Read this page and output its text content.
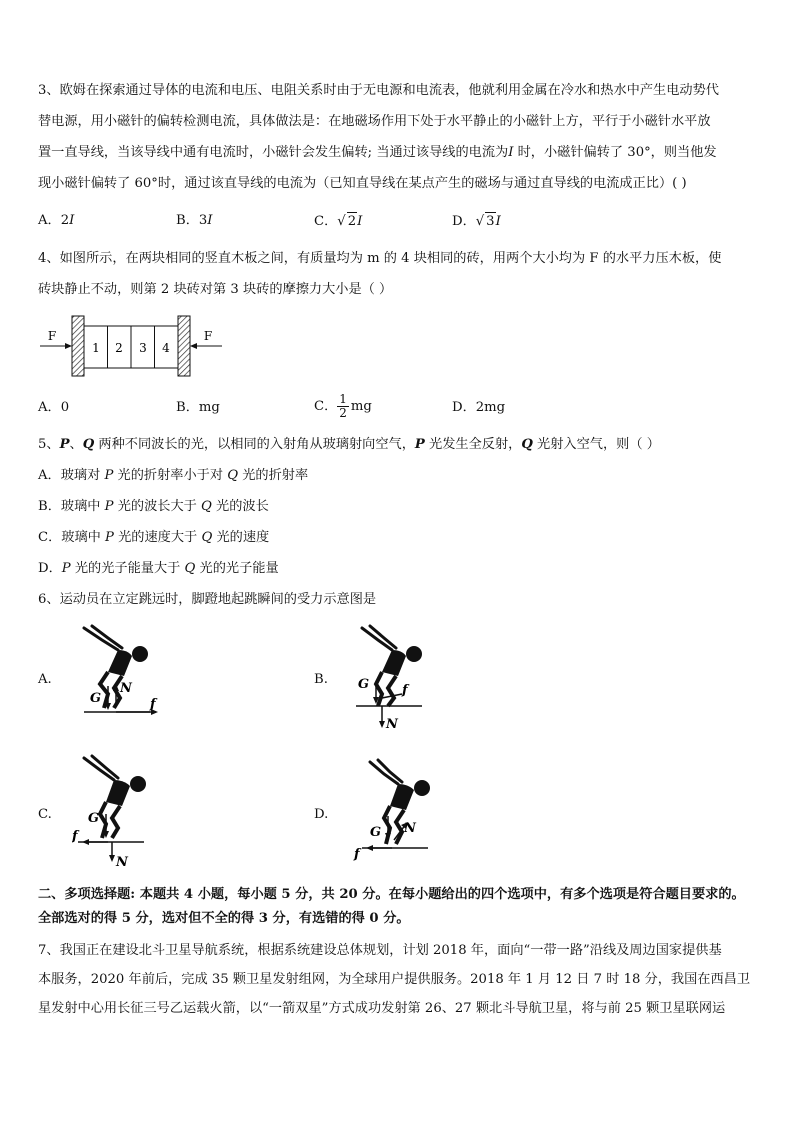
3、欧姆在探索通过导体的电流和电压、电阻关系时由于无电源和电流表，他就利用金属在冷水和热水中产生电动势代
替电源，用小磁针的偏转检测电流，具体做法是：在地磁场作用下处于水平静止的小磁针上方，平行于小磁针水平放
置一直导线，当该导线中通有电流时，小磁针会发生偏转; 当通过该导线的电流为I 时，小磁针偏转了 30°，则当他发
现小磁针偏转了 60°时，通过该直导线的电流为（已知直导线在某点产生的磁场与通过直导线的电流成正比）( )
A．2I	B．3I	C．√ 2I	D．√ 3I
4、如图所示，在两块相同的竖直木板之间，有质量均为 m 的 4 块相同的砖，用两个大小均为 F 的水平力压木板，使
砖块静止不动，则第 2 块砖对第 3 块砖的摩擦力大小是（ ）
1 2 3 4
F	F
A．0	B．mg	C． $\frac{1}{2}$ mg	D．2mg
5、P、Q 两种不同波长的光，以相同的入射角从玻璃射向空气，P 光发生全反射，Q 光射入空气，则（ ）
A．玻璃对 P 光的折射率小于对 Q 光的折射率
B．玻璃中 P 光的波长大于 Q 光的波长
C．玻璃中 P 光的速度大于 Q 光的速度
D．P 光的光子能量大于 Q 光的光子能量
6、运动员在立定跳远时，脚蹬地起跳瞬间的受力示意图是
A.	B.
C.	D.
G
N
f
G
N
f
G
f
N
G N
f
二、多项选择题: 本题共 4 小题，每小题 5 分，共 20 分。在每小题给出的四个选项中，有多个选项是符合题目要求的。
全部选对的得 5 分，选对但不全的得 3 分，有选错的得 0 分。
7、我国正在建设北斗卫星导航系统，根据系统建设总体规划，计划 2018 年，面向“一带一路”沿线及周边国家提供基
本服务，2020 年前后，完成 35 颗卫星发射组网，为全球用户提供服务。2018 年 1 月 12 日 7 时 18 分，我国在西昌卫
星发射中心用长征三号乙运载火箭，以“一箭双星”方式成功发射第 26、27 颗北斗导航卫星，将与前 25 颗卫星联网运
